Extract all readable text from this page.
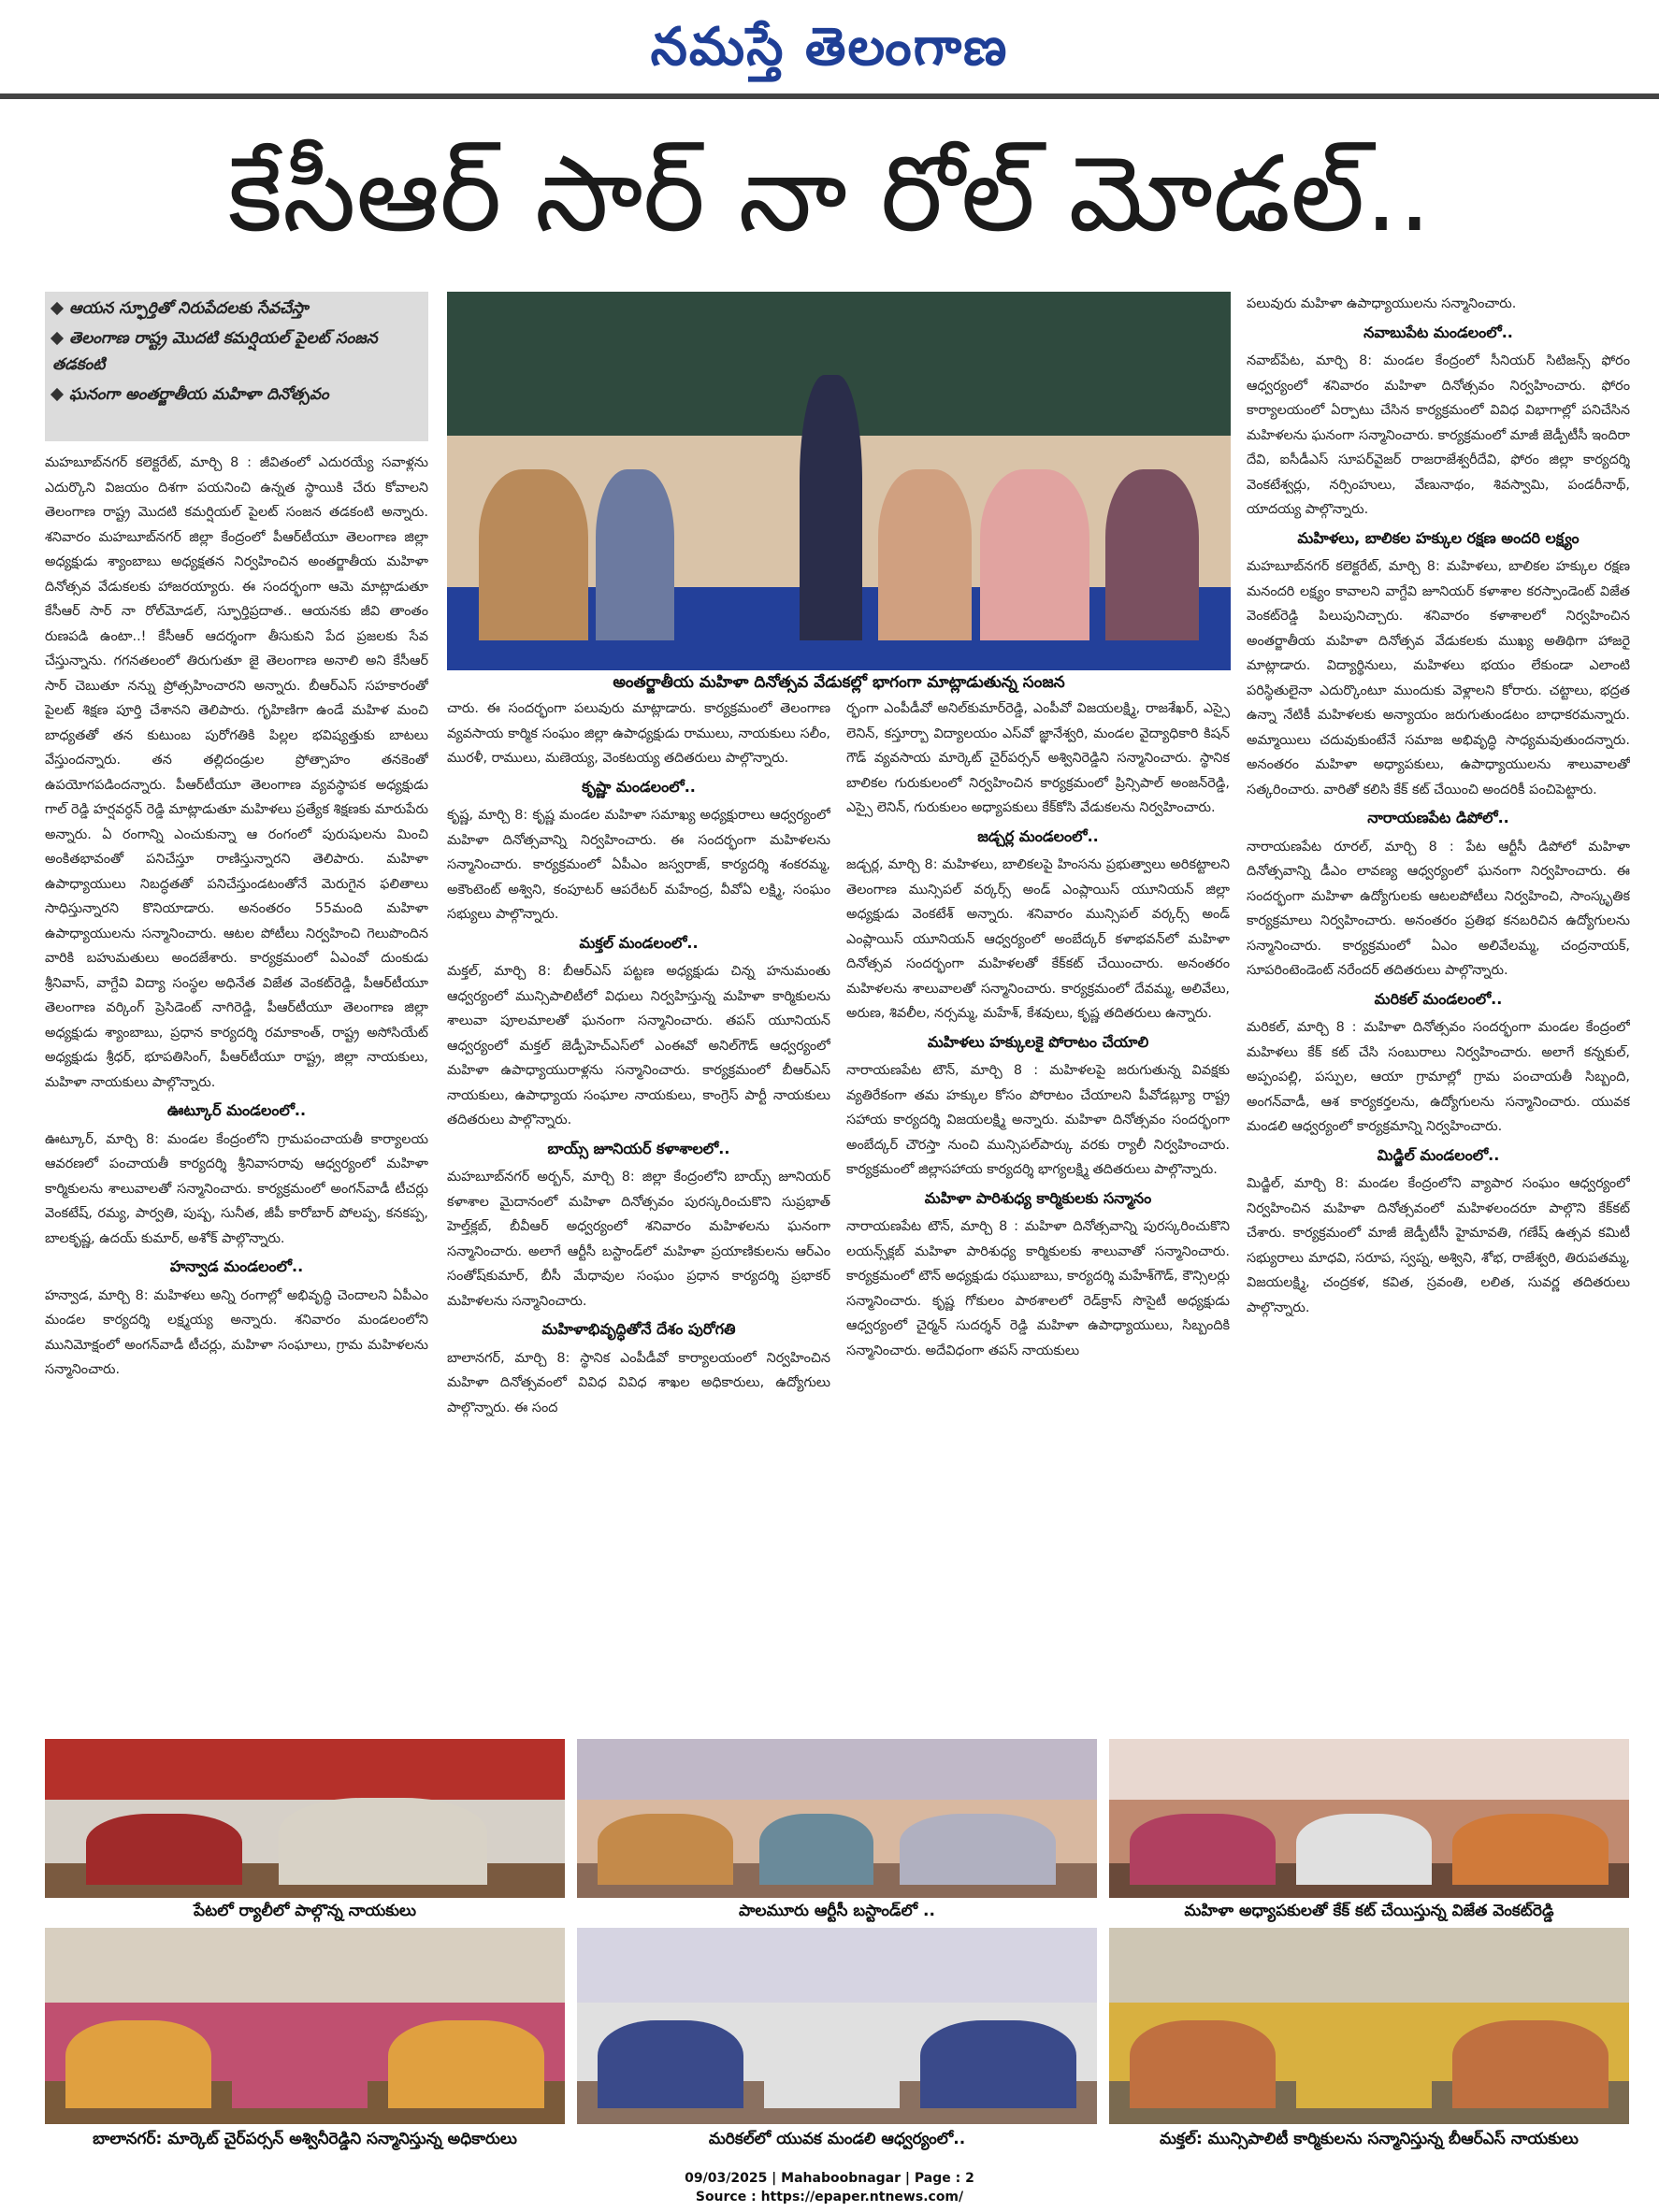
నమస్తే తెలంగాణ
కేసీఆర్ సార్ నా రోల్ మోడల్..
ఆయన స్ఫూర్తితో నిరుపేదలకు సేవచేస్తా
తెలంగాణ రాష్ట్ర మొదటి కమర్షియల్ పైలట్ సంజన తడకంటి
ఘనంగా అంతర్జాతీయ మహిళా దినోత్సవం
అంతర్జాతీయ మహిళా దినోత్సవ వేడుకల్లో భాగంగా మాట్లాడుతున్న సంజన

మహబూబ్‌నగర్ కలెక్టరేట్, మార్చి 8 : జీవితంలో ఎదురయ్యే సవాళ్లను ఎదుర్కొని విజయం దిశగా పయనించి ఉన్నత స్థాయికి చేరు కోవాలని తెలంగాణ రాష్ట్ర మొదటి కమర్షియల్ పైలట్ సంజన తడకంటి అన్నారు. శనివారం మహబూబ్‌నగర్ జిల్లా కేంద్రంలో పీఆర్‌టీయూ తెలంగాణ జిల్లా అధ్యక్షుడు శ్యాంబాబు అధ్యక్షతన నిర్వహించిన అంతర్జాతీయ మహిళా దినోత్సవ వేడుకలకు హాజరయ్యారు. ఈ సందర్భంగా ఆమె మాట్లాడుతూ కేసీఆర్ సార్ నా రోల్‌మోడల్, స్ఫూర్తిప్రదాత.. ఆయనకు జీవి తాంతం రుణపడి ఉంటా..! కేసీఆర్ ఆదర్శంగా తీసుకుని పేద ప్రజలకు సేవ చేస్తున్నాను. గగనతలంలో తిరుగుతూ జై తెలంగాణ అనాలి అని కేసీఆర్ సార్ చెబుతూ నన్ను ప్రోత్సహించారని అన్నారు. బీఆర్‌ఎస్ సహకారంతో పైలట్ శిక్షణ పూర్తి చేశానని తెలిపారు. గృహిణిగా ఉండే మహిళ మంచి బాధ్యతతో తన కుటుంబ పురోగతికి పిల్లల భవిష్యత్తుకు బాటలు వేస్తుందన్నారు. తన తల్లిదండ్రుల ప్రోత్సాహం తనకెంతో ఉపయోగపడిందన్నారు. పీఆర్‌టీయూ తెలంగాణ వ్యవస్థాపక అధ్యక్షుడు గాల్ రెడ్డి హర్షవర్ధన్ రెడ్డి మాట్లాడుతూ మహిళలు ప్రత్యేక శిక్షణకు మారుపేరు అన్నారు. ఏ రంగాన్ని ఎంచుకున్నా ఆ రంగంలో పురుషులను మించి అంకితభావంతో పనిచేస్తూ రాణిస్తున్నారని తెలిపారు. మహిళా ఉపాధ్యాయులు నిబద్ధతతో పనిచేస్తుండటంతోనే మెరుగైన ఫలితాలు సాధిస్తున్నారని కొనియాడారు. అనంతరం 55మంది మహిళా ఉపాధ్యాయులను సన్మానించారు. ఆటల పోటీలు నిర్వహించి గెలుపొందిన వారికి బహుమతులు అందజేశారు. కార్యక్రమంలో ఏఎంవో దుంకుడు శ్రీనివాస్, వాగ్దేవి విద్యా సంస్థల అధినేత విజేత వెంకట్‌రెడ్డి, పీఆర్‌టీయూ తెలంగాణ వర్కింగ్ ప్రెసిడెంట్ నాగిరెడ్డి, పీఆర్‌టీయూ తెలంగాణ జిల్లా అధ్యక్షుడు శ్యాంబాబు, ప్రధాన కార్యదర్శి రమాకాంత్, రాష్ట్ర అసోసియేట్ అధ్యక్షుడు శ్రీధర్, భూపతిసింగ్, పీఆర్‌టీయూ రాష్ట్ర, జిల్లా నాయకులు, మహిళా నాయకులు పాల్గొన్నారు.

ఊట్కూర్ మండలంలో..

ఊట్కూర్, మార్చి 8: మండల కేంద్రంలోని గ్రామపంచాయతీ కార్యాలయ ఆవరణలో పంచాయతీ కార్యదర్శి శ్రీనివాసరావు ఆధ్వర్యంలో మహిళా కార్మికులను శాలువాలతో సన్మానించారు. కార్యక్రమంలో అంగన్‌వాడీ టీచర్లు వెంకటేష్, రమ్య, పార్వతి, పుష్ప, సునీత, జీపీ కారోబార్ పోలప్ప, కనకప్ప, బాలకృష్ణ, ఉదయ్ కుమార్, అశోక్ పాల్గొన్నారు.

హన్వాడ మండలంలో..

హన్వాడ, మార్చి 8: మహిళలు అన్ని రంగాల్లో అభివృద్ధి చెందాలని ఏపీఎం మండల కార్యదర్శి లక్ష్మయ్య అన్నారు. శనివారం మండలంలోని మునిమోక్షంలో అంగన్‌వాడీ టీచర్లు, మహిళా సంఘాలు, గ్రామ మహిళలను సన్మానించారు.

చారు. ఈ సందర్భంగా పలువురు మాట్లాడారు. కార్యక్రమంలో తెలంగాణ వ్యవసాయ కార్మిక సంఘం జిల్లా ఉపాధ్యక్షుడు రాములు, నాయకులు సలీం, మురళీ, రాములు, మణెయ్య, వెంకటయ్య తదితరులు పాల్గొన్నారు.

కృష్ణా మండలంలో..

కృష్ణ, మార్చి 8: కృష్ణ మండల మహిళా సమాఖ్య అధ్యక్షురాలు ఆధ్వర్యంలో మహిళా దినోత్సవాన్ని నిర్వహించారు. ఈ సందర్భంగా మహిళలను సన్మానించారు. కార్యక్రమంలో ఏపీఎం జస్వరాజ్, కార్యదర్శి శంకరమ్మ, అకౌంటెంట్ అశ్విని, కంపూటర్ ఆపరేటర్ మహేంద్ర, వీవోఏ లక్ష్మి, సంఘం సభ్యులు పాల్గొన్నారు.

మక్తల్ మండలంలో..

మక్తల్, మార్చి 8: బీఆర్‌ఎస్ పట్టణ అధ్యక్షుడు చిన్న హనుమంతు ఆధ్వర్యంలో మున్సిపాలిటీలో విధులు నిర్వహిస్తున్న మహిళా కార్మికులను శాలువా పూలమాలతో ఘనంగా సన్మానించారు. తపస్ యూనియన్ ఆధ్వర్యంలో మక్తల్ జెడ్పీహెచ్‌ఎస్‌లో ఎంఈవో అనిల్‌గౌడ్ ఆధ్వర్యంలో మహిళా ఉపాధ్యాయురాళ్లను సన్మానించారు. కార్యక్రమంలో బీఆర్‌ఎస్ నాయకులు, ఉపాధ్యాయ సంఘాల నాయకులు, కాంగ్రెస్ పార్టీ నాయకులు తదితరులు పాల్గొన్నారు.

బాయ్స్ జూనియర్ కళాశాలలో..

మహబూబ్‌నగర్ అర్బన్, మార్చి 8: జిల్లా కేంద్రంలోని బాయ్స్ జూనియర్ కళాశాల మైదానంలో మహిళా దినోత్సవం పురస్కరించుకొని సుప్రభాత్ హెల్త్‌క్లబ్, బీవీఆర్ అధ్వర్యంలో శనివారం మహిళలను ఘనంగా సన్మానించారు. అలాగే ఆర్టీసీ బస్టాండ్‌లో మహిళా ప్రయాణికులను ఆర్‌ఎం సంతోష్‌కుమార్, బీసీ మేధావుల సంఘం ప్రధాన కార్యదర్శి ప్రభాకర్ మహిళలను సన్మానించారు.

మహిళాభివృద్ధితోనే దేశం పురోగతి

బాలానగర్, మార్చి 8: స్థానిక ఎంపీడీవో కార్యాలయంలో నిర్వహించిన మహిళా దినోత్సవంలో వివిధ వివిధ శాఖల అధికారులు, ఉద్యోగులు పాల్గొన్నారు. ఈ సంద

ర్భంగా ఎంపీడీవో అనిల్‌కుమార్‌రెడ్డి, ఎంపీవో విజయలక్ష్మి, రాజశేఖర్, ఎస్సై లెనిన్, కస్తూర్బా విద్యాలయం ఎస్‌వో జ్ఞానేశ్వరి, మండల వైద్యాధికారి కిషన్ గౌడ్ వ్యవసాయ మార్కెట్ చైర్‌పర్సన్ అశ్వినిరెడ్డిని సన్మానించారు. స్థానిక బాలికల గురుకులంలో నిర్వహించిన కార్యక్రమంలో ప్రిన్సిపాల్ అంజన్‌రెడ్డి, ఎస్సై లెనిన్, గురుకులం అధ్యాపకులు కేక్‌కోసి వేడుకలను నిర్వహించారు.

జడ్చర్ల మండలంలో..

జడ్చర్ల, మార్చి 8: మహిళలు, బాలికలపై హింసను ప్రభుత్వాలు అరికట్టాలని తెలంగాణ మున్సిపల్ వర్కర్స్ అండ్ ఎంప్లాయిస్ యూనియన్ జిల్లా అధ్యక్షుడు వెంకటేశ్ అన్నారు. శనివారం మున్సిపల్ వర్కర్స్ అండ్ ఎంప్లాయిస్ యూనియన్ ఆధ్వర్యంలో అంబేద్కర్ కళాభవన్‌లో మహిళా దినోత్సవ సందర్భంగా మహిళలతో కేక్‌కట్ చేయించారు. అనంతరం మహిళలను శాలువాలతో సన్మానించారు. కార్యక్రమంలో దేవమ్మ, అలివేలు, అరుణ, శివలీల, నర్సమ్మ, మహేశ్, కేశవులు, కృష్ణ తదితరులు ఉన్నారు.

మహిళలు హక్కులకై పోరాటం చేయాలి

నారాయణపేట టౌన్, మార్చి 8 : మహిళలపై జరుగుతున్న వివక్షకు వ్యతిరేకంగా తమ హక్కుల కోసం పోరాటం చేయాలని పీవోడబ్ల్యూ రాష్ట్ర సహాయ కార్యదర్శి విజయలక్ష్మి అన్నారు. మహిళా దినోత్సవం సందర్భంగా అంబేద్కర్ చౌరస్తా నుంచి మున్సిపల్‌పార్కు వరకు ర్యాలీ నిర్వహించారు. కార్యక్రమంలో జిల్లాసహాయ కార్యదర్శి భాగ్యలక్ష్మి తదితరులు పాల్గొన్నారు.

మహిళా పారిశుధ్య కార్మికులకు సన్మానం

నారాయణపేట టౌన్, మార్చి 8 : మహిళా దినోత్సవాన్ని పురస్కరించుకొని లయన్స్‌క్లబ్ మహిళా పారిశుధ్య కార్మికులకు శాలువాతో సన్మానించారు. కార్యక్రమంలో టౌన్ అధ్యక్షుడు రఘుబాబు, కార్యదర్శి మహేశ్‌గౌడ్, కౌన్సిలర్లు సన్మానించారు. కృష్ణ గోకులం పాఠశాలలో రెడ్‌క్రాస్ సొసైటీ అధ్యక్షుడు ఆధ్వర్యంలో చైర్మన్ సుదర్శన్ రెడ్డి మహిళా ఉపాధ్యాయులు, సిబ్బందికి సన్మానించారు. అదేవిధంగా తపస్ నాయకులు

పలువురు మహిళా ఉపాధ్యాయులను సన్మానించారు.

నవాబుపేట మండలంలో..

నవాబ్‌పేట, మార్చి 8: మండల కేంద్రంలో సీనియర్ సిటిజన్స్ ఫోరం ఆధ్వర్యంలో శనివారం మహిళా దినోత్సవం నిర్వహించారు. ఫోరం కార్యాలయంలో ఏర్పాటు చేసిన కార్యక్రమంలో వివిధ విభాగాల్లో పనిచేసిన మహిళలను ఘనంగా సన్మానించారు. కార్యక్రమంలో మాజీ జెడ్పీటీసీ ఇందిరా దేవి, ఐసీడీఎస్ సూపర్‌వైజర్ రాజరాజేశ్వరీదేవి, ఫోరం జిల్లా కార్యదర్శి వెంకటేశ్వర్లు, నర్సింహులు, వేణునాథం, శివస్వామి, పండరీనాథ్, యాదయ్య పాల్గొన్నారు.

మహిళలు, బాలికల హక్కుల రక్షణ అందరి లక్ష్యం

మహబూబ్‌నగర్ కలెక్టరేట్, మార్చి 8: మహిళలు, బాలికల హక్కుల రక్షణ మనందరి లక్ష్యం కావాలని వాగ్దేవి జూనియర్ కళాశాల కరస్పాండెంట్ విజేత వెంకట్‌రెడ్డి పిలుపునిచ్చారు. శనివారం కళాశాలలో నిర్వహించిన అంతర్జాతీయ మహిళా దినోత్సవ వేడుకలకు ముఖ్య అతిథిగా హాజరై మాట్లాడారు. విద్యార్థినులు, మహిళలు భయం లేకుండా ఎలాంటి పరిస్థితులైనా ఎదుర్కొంటూ ముందుకు వెళ్లాలని కోరారు. చట్టాలు, భద్రత ఉన్నా నేటికీ మహిళలకు అన్యాయం జరుగుతుండటం బాధాకరమన్నారు. అమ్మాయిలు చదువుకుంటేనే సమాజ అభివృద్ధి సాధ్యమవుతుందన్నారు. అనంతరం మహిళా అధ్యాపకులు, ఉపాధ్యాయులను శాలువాలతో సత్కరించారు. వారితో కలిసి కేక్ కట్ చేయించి అందరికీ పంచిపెట్టారు.

నారాయణపేట డిపోలో..

నారాయణపేట రూరల్, మార్చి 8 : పేట ఆర్టీసీ డిపోలో మహిళా దినోత్సవాన్ని డీఎం లావణ్య ఆధ్వర్యంలో ఘనంగా నిర్వహించారు. ఈ సందర్భంగా మహిళా ఉద్యోగులకు ఆటలపోటీలు నిర్వహించి, సాంస్కృతిక కార్యక్రమాలు నిర్వహించారు. అనంతరం ప్రతిభ కనబరిచిన ఉద్యోగులను సన్మానించారు. కార్యక్రమంలో ఏఎం అలివేలమ్మ, చంద్రనాయక్, సూపరింటెండెంట్ నరేందర్ తదితరులు పాల్గొన్నారు.

మరికల్ మండలంలో..

మరికల్, మార్చి 8 : మహిళా దినోత్సవం సందర్భంగా మండల కేంద్రంలో మహిళలు కేక్ కట్ చేసి సంబురాలు నిర్వహించారు. అలాగే కన్నకుల్, అప్పంపల్లి, పస్పుల, ఆయా గ్రామాల్లో గ్రామ పంచాయతీ సిబ్బంది, అంగన్‌వాడీ, ఆశ కార్యకర్తలను, ఉద్యోగులను సన్మానించారు. యువక మండలి ఆధ్వర్యంలో కార్యక్రమాన్ని నిర్వహించారు.

మిడ్జిల్ మండలంలో..

మిడ్జిల్, మార్చి 8: మండల కేంద్రంలోని వ్యాపార సంఘం ఆధ్వర్యంలో నిర్వహించిన మహిళా దినోత్సవంలో మహిళలందరూ పాల్గొని కేక్‌కట్ చేశారు. కార్యక్రమంలో మాజీ జెడ్పీటీసీ హైమావతి, గణేష్ ఉత్సవ కమిటీ సభ్యురాలు మాధవి, సరూప, స్వప్న, అశ్విని, శోభ, రాజేశ్వరి, తిరుపతమ్మ, విజయలక్ష్మి, చంద్రకళ, కవిత, స్రవంతి, లలిత, సువర్ణ తదితరులు పాల్గొన్నారు.

పేటలో ర్యాలీలో పాల్గొన్న నాయకులు	పాలమూరు ఆర్టీసీ బస్టాండ్‌లో ..	మహిళా అధ్యాపకులతో కేక్ కట్ చేయిస్తున్న విజేత వెంకట్‌రెడ్డి
09/03/2025 | Mahaboobnagar | Page : 2
Source : https://epaper.ntnews.com/
బాలానగర్: మార్కెట్ చైర్‌పర్సన్ అశ్వినీరెడ్డిని సన్మానిస్తున్న అధికారులు	మరికల్‌లో యువక మండలి ఆధ్వర్యంలో..	మక్తల్: మున్సిపాలిటీ కార్మికులను సన్మానిస్తున్న బీఆర్‌ఎస్ నాయకులు
